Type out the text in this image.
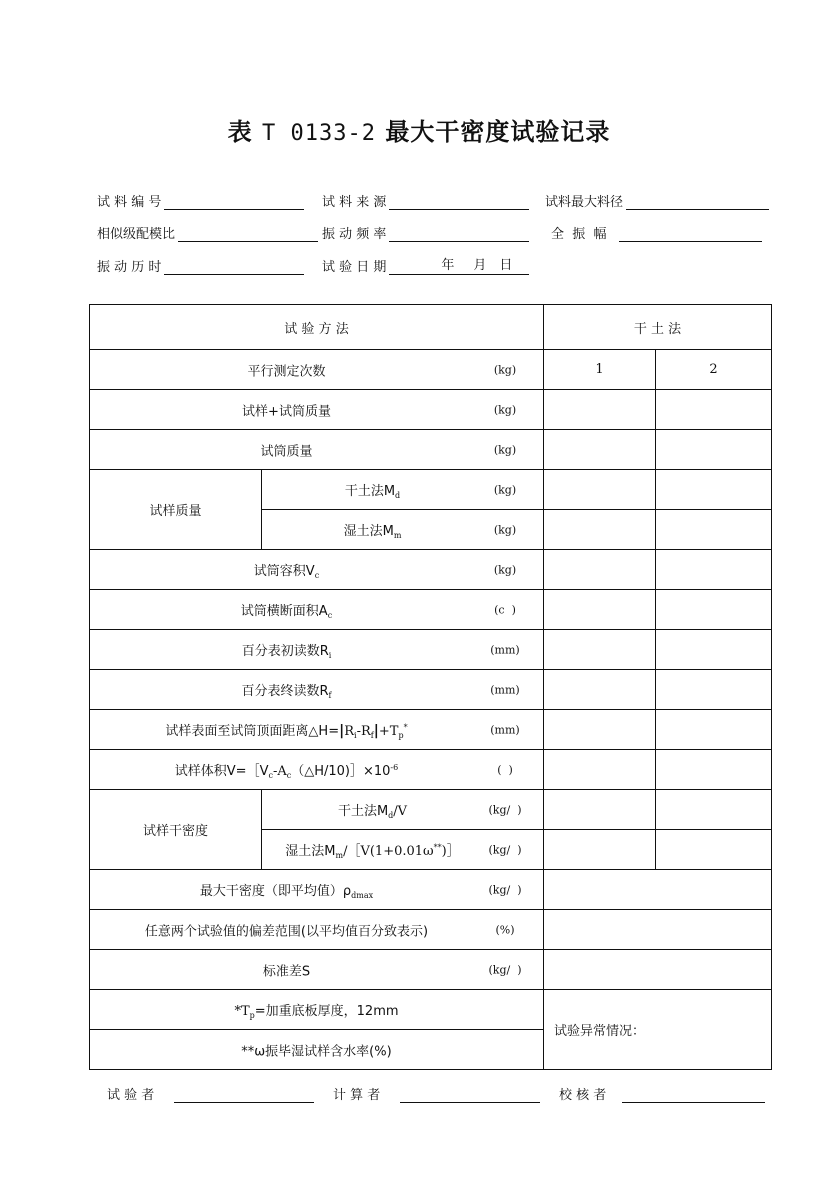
表 T 0133-2 最大干密度试验记录
试 料 编 号	试 料 来 源	试料最大料径
相似级配模比	振 动 频 率	全  振  幅
振 动 历 时	试 验 日 期	年 月 日
试 验 方 法		干 土 法	

平行测定次数 (kg)		1	2

试样+试筒质量 (kg)			

试筒质量 (kg)			

试样质量	干土法$M_d$ (kg)		

	湿土法$M_m$ (kg)		

试筒容积$V_c$ (kg)			

试筒横断面积$A_c$ (c  )			

百分表初读数$R_i$ (mm)			

百分表终读数$R_f$ (mm)			

试样表面至试筒顶面距离$\triangle H=|R_i-R_f|+T_p^*$ (mm)			

试样体积$V=[V_c-A_c(\triangle H/10)]\times 10^{-6}$ (  )			

试样干密度	干土法$M_d/V$ (kg/  )		

	湿土法$M_m/[V(1+0.01\omega^{**})]$ (kg/  )		

最大干密度（即平均值）$\rho_{dmax}$ (kg/  )			

任意两个试验值的偏差范围(以平均值百分致表示) (%)			

标准差S (kg/  )			

$*T_p=$加重底板厚度，12mm		试验异常情况：	

**ω振毕湿试样含水率(%)			
试 验 者	计 算 者	校 核 者
